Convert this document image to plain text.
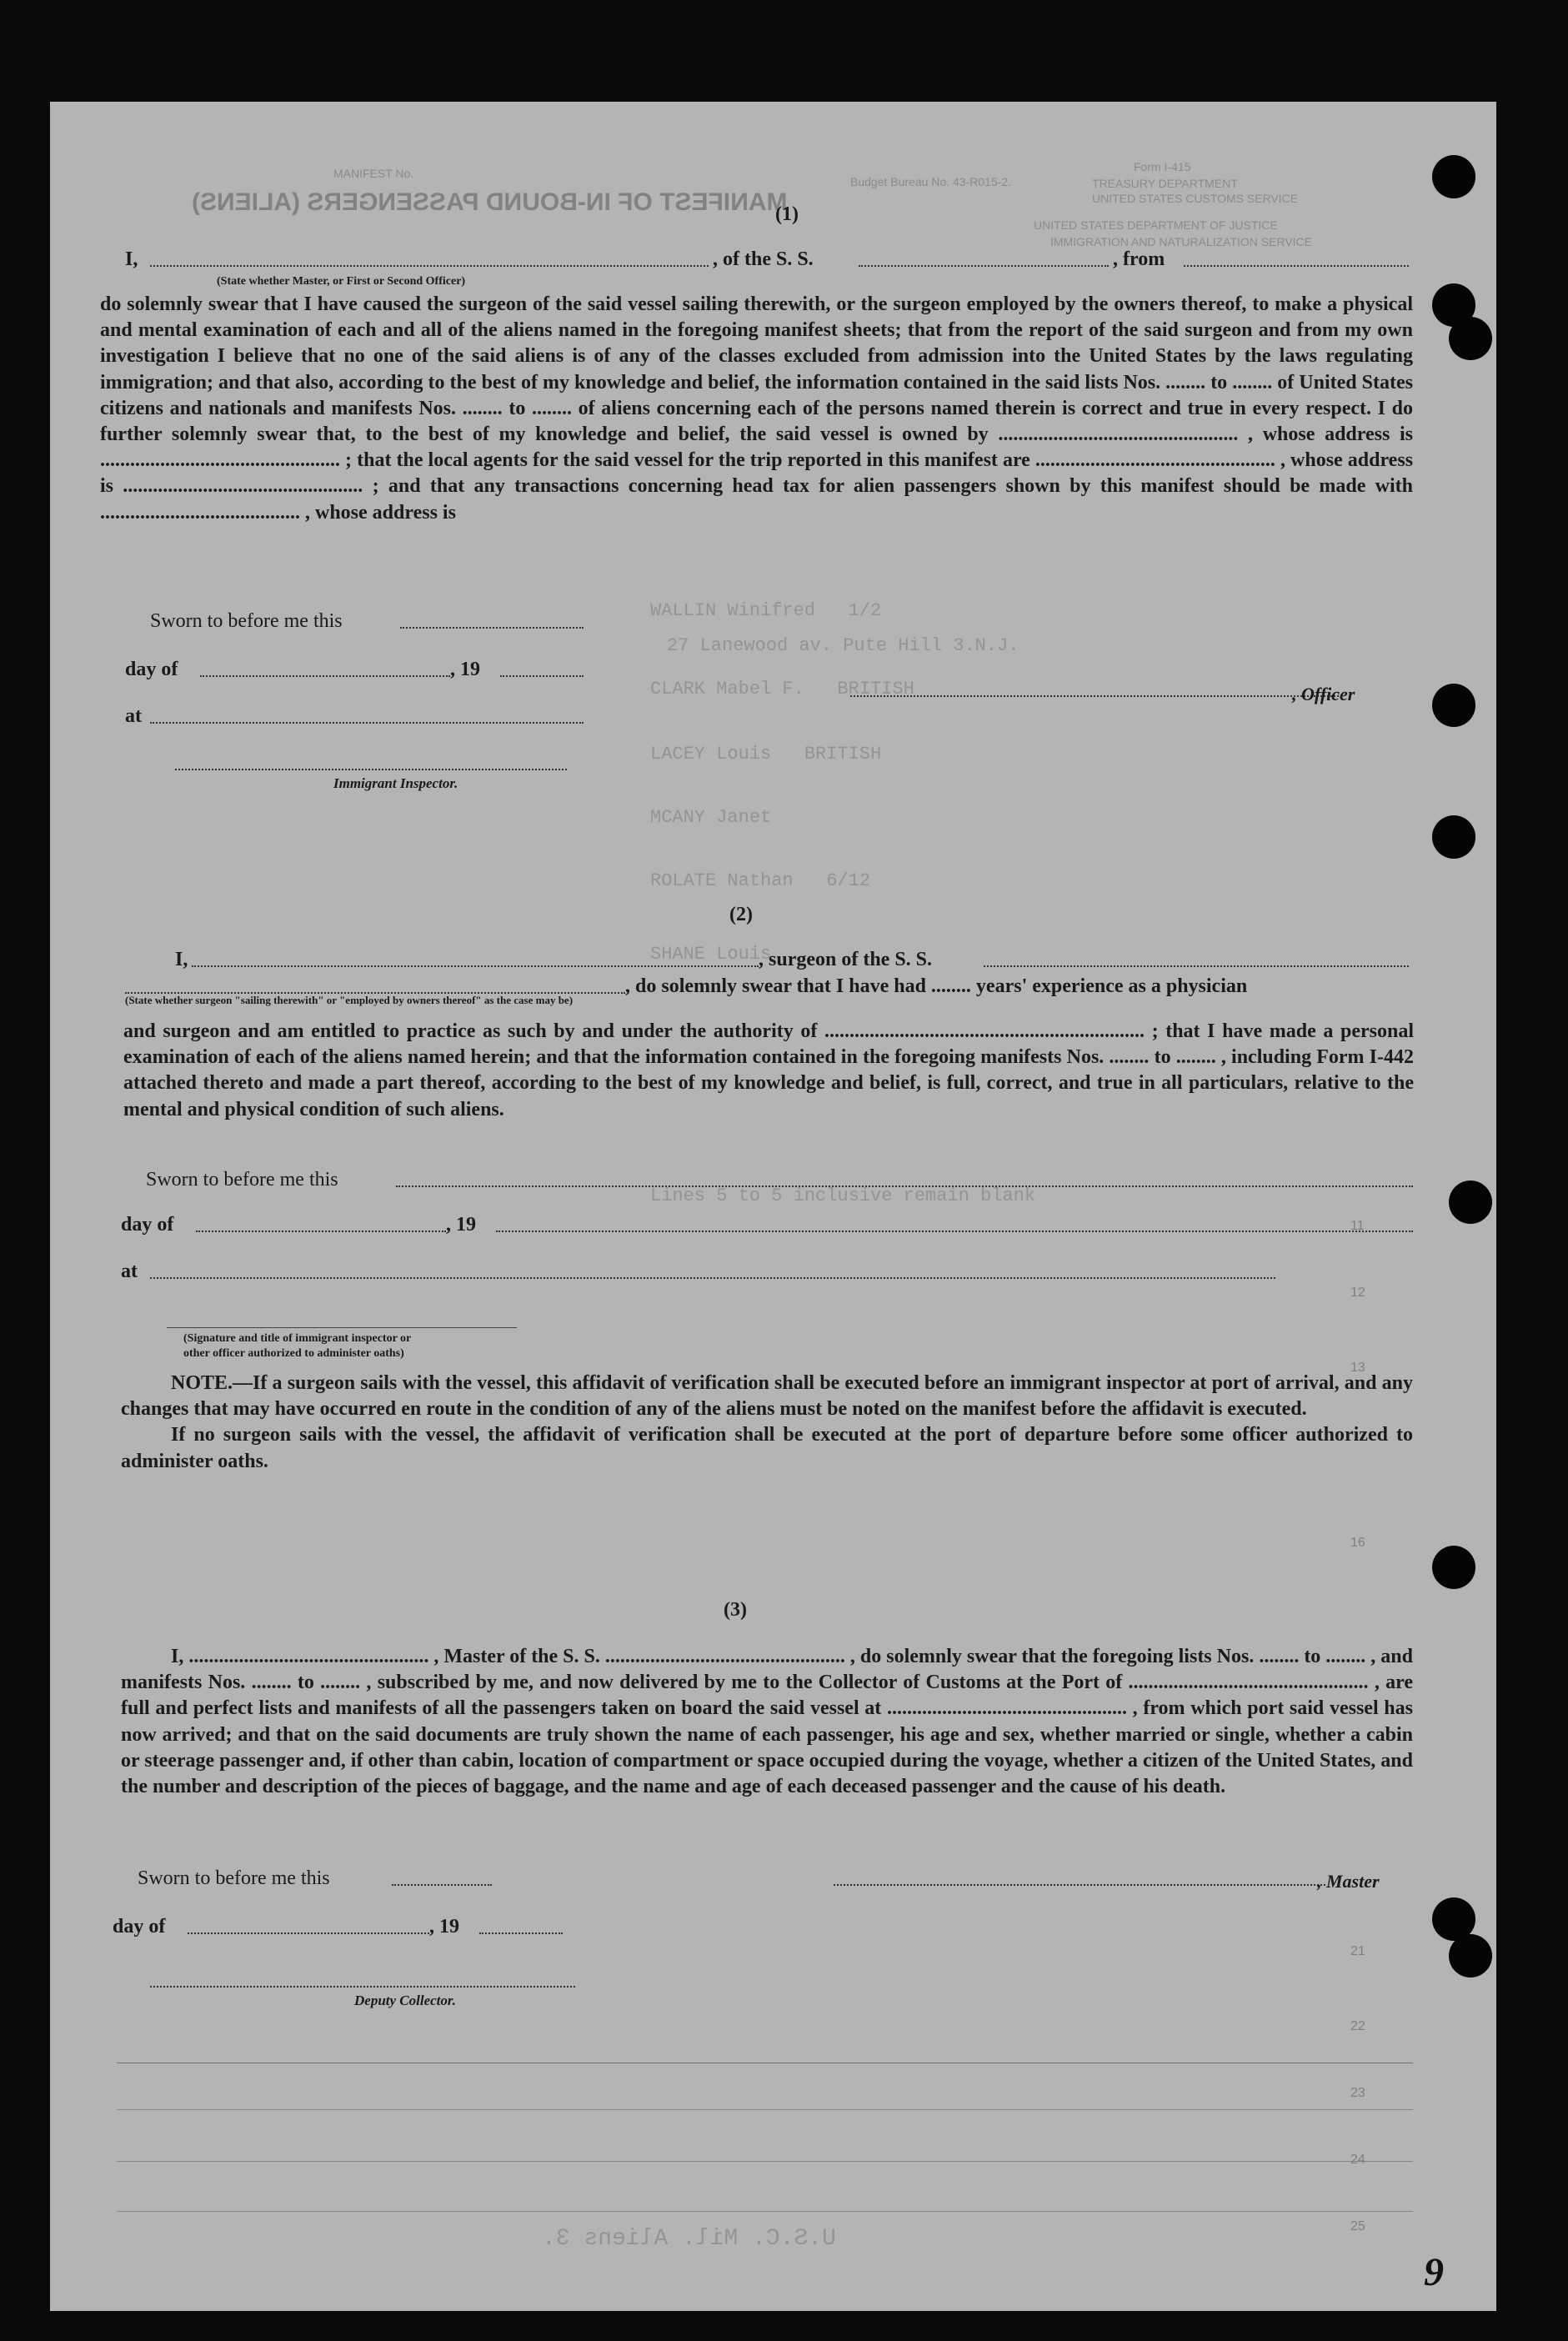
MANIFEST No.
MANIFEST OF IN-BOUND PASSENGERS (ALIENS)
Budget Bureau No. 43-R015-2.
Form I-415
TREASURY DEPARTMENT
UNITED STATES CUSTOMS SERVICE
UNITED STATES DEPARTMENT OF JUSTICE
IMMIGRATION AND NATURALIZATION SERVICE
(1)
I,	, of the S. S.	, from
(State whether Master, or First or Second Officer)

do solemnly swear that I have caused the surgeon of the said vessel sailing therewith, or the surgeon employed by the owners thereof, to make a physical and mental examination of each and all of the aliens named in the foregoing manifest sheets; that from the report of the said surgeon and from my own investigation I believe that no one of the said aliens is of any of the classes excluded from admission into the United States by the laws regulating immigration; and that also, according to the best of my knowledge and belief, the information contained in the said lists Nos. ........ to ........ of United States citizens and nationals and manifests Nos. ........ to ........ of aliens concerning each of the persons named therein is correct and true in every respect. I do further solemnly swear that, to the best of my knowledge and belief, the said vessel is owned by ................................................ , whose address is ................................................ ; that the local agents for the said vessel for the trip reported in this manifest are ................................................ , whose address is ................................................ ; and that any transactions concerning head tax for alien passengers shown by this manifest should be made with ........................................ , whose address is

Sworn to before me this
day of	, 19
at
, Officer
Immigrant Inspector.
WALLIN Winifred   1/2
27 Lanewood av. Pute Hill 3.N.J.
CLARK Mabel F.   BRITISH
LACEY Louis   BRITISH
MCANY Janet
ROLATE Nathan   6/12
SHANE Louis
Lines 5 to 5 inclusive remain blank
(2)
I,	, surgeon of the S. S.
, do solemnly swear that I have had ........ years' experience as a physician
(State whether surgeon "sailing therewith" or "employed by owners thereof" as the case may be)

and surgeon and am entitled to practice as such by and under the authority of ................................................................ ; that I have made a personal examination of each of the aliens named herein; and that the information contained in the foregoing manifests Nos. ........ to ........ , including Form I-442 attached thereto and made a part thereof, according to the best of my knowledge and belief, is full, correct, and true in all particulars, relative to the mental and physical condition of such aliens.

Sworn to before me this
day of	, 19
at
(Signature and title of immigrant inspector or
other officer authorized to administer oaths)

NOTE.—If a surgeon sails with the vessel, this affidavit of verification shall be executed before an immigrant inspector at port of arrival, and any changes that may have occurred en route in the condition of any of the aliens must be noted on the manifest before the affidavit is executed.

If no surgeon sails with the vessel, the affidavit of verification shall be executed at the port of departure before some officer authorized to administer oaths.

(3)

I, ................................................ , Master of the S. S. ................................................ , do solemnly swear that the foregoing lists Nos. ........ to ........ , and manifests Nos. ........ to ........ , subscribed by me, and now delivered by me to the Collector of Customs at the Port of ................................................ , are full and perfect lists and manifests of all the passengers taken on board the said vessel at ................................................ , from which port said vessel has now arrived; and that on the said documents are truly shown the name of each passenger, his age and sex, whether married or single, whether a cabin or steerage passenger and, if other than cabin, location of compartment or space occupied during the voyage, whether a citizen of the United States, and the number and description of the pieces of baggage, and the name and age of each deceased passenger and the cause of his death.

Sworn to before me this	, Master
day of	, 19
Deputy Collector.
11
12
13
16
21
22
23
24
25
U.S.C. Mil. Aliens 3.
9
